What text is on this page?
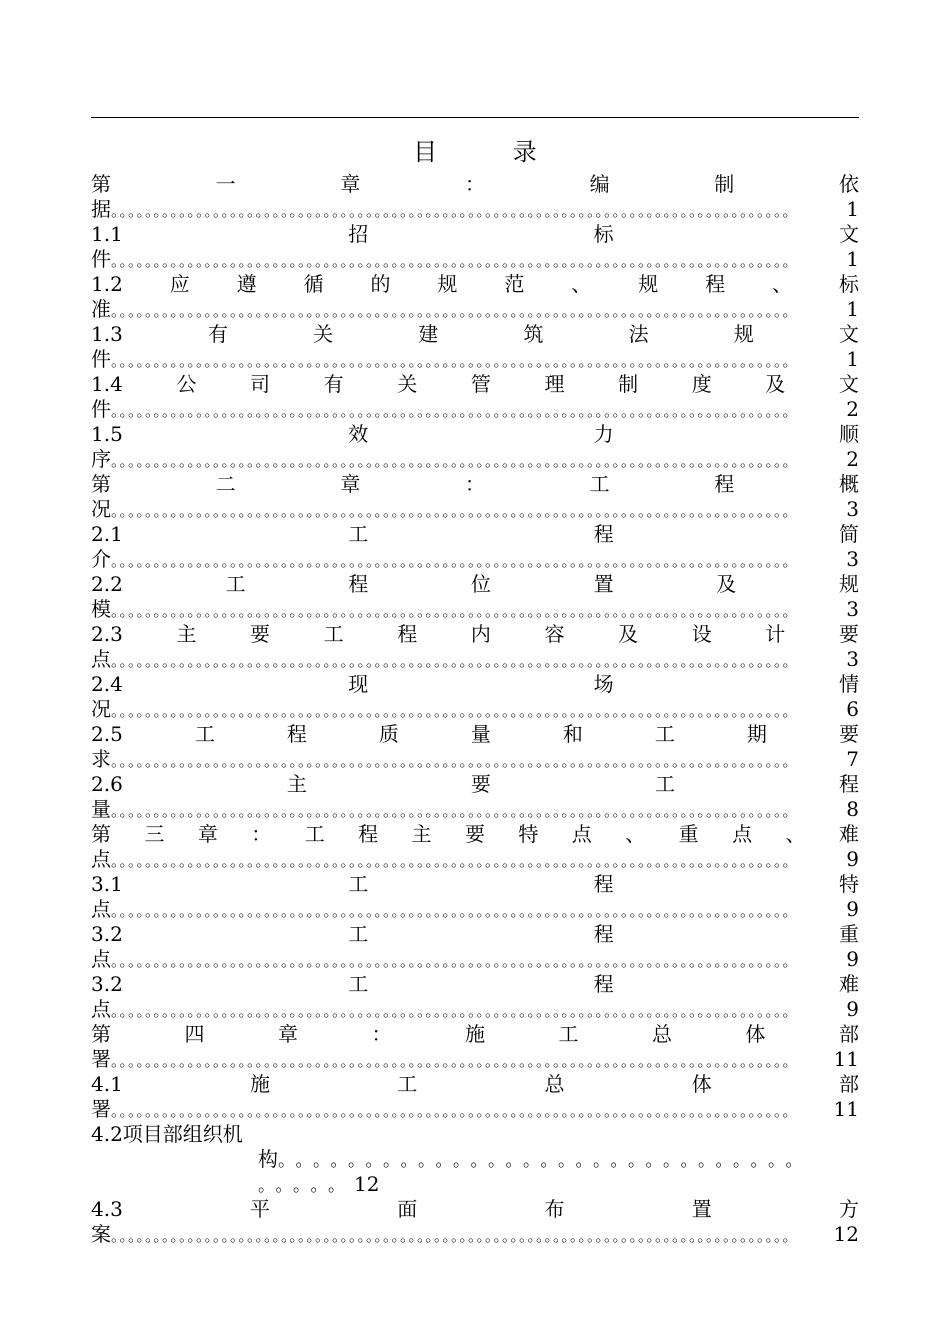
目 录
第	一	章	：	编	制	依
据 。。。。。。。。。。。。。。。。。。。。。。。。。。。。。。。。。。。。。。。。。。。。。。。。。。。。。。。。。。。。。。。。。。。。。。。。。。。。。。。。	1
1.1	招	标	文
件 。。。。。。。。。。。。。。。。。。。。。。。。。。。。。。。。。。。。。。。。。。。。。。。。。。。。。。。。。。。。。。。。。。。。。。。。。。。。。。。。	1
1.2 应 遵 循 的 规 范 、 规 程 、 标
准 。。。。。。。。。。。。。。。。。。。。。。。。。。。。。。。。。。。。。。。。。。。。。。。。。。。。。。。。。。。。。。。。。。。。。。。。。。。。。。。。	1
1.3	有	关	建	筑	法	规	文
件 。。。。。。。。。。。。。。。。。。。。。。。。。。。。。。。。。。。。。。。。。。。。。。。。。。。。。。。。。。。。。。。。。。。。。。。。。。。。。。。。	1
1.4	公	司	有	关	管	理	制	度	及	文
件 。。。。。。。。。。。。。。。。。。。。。。。。。。。。。。。。。。。。。。。。。。。。。。。。。。。。。。。。。。。。。。。。。。。。。。。。。。。。。。。。	2
1.5	效	力	顺
序 。。。。。。。。。。。。。。。。。。。。。。。。。。。。。。。。。。。。。。。。。。。。。。。。。。。。。。。。。。。。。。。。。。。。。。。。。。。。。。。。	2
第	二	章	：	工	程	概
况 。。。。。。。。。。。。。。。。。。。。。。。。。。。。。。。。。。。。。。。。。。。。。。。。。。。。。。。。。。。。。。。。。。。。。。。。。。。。。。。。	3
2.1	工	程	简
介 。。。。。。。。。。。。。。。。。。。。。。。。。。。。。。。。。。。。。。。。。。。。。。。。。。。。。。。。。。。。。。。。。。。。。。。。。。。。。。。。	3
2.2	工	程	位	置	及	规
模 。。。。。。。。。。。。。。。。。。。。。。。。。。。。。。。。。。。。。。。。。。。。。。。。。。。。。。。。。。。。。。。。。。。。。。。。。。。。。。。。	3
2.3	主	要	工	程	内	容	及	设	计	要
点 。。。。。。。。。。。。。。。。。。。。。。。。。。。。。。。。。。。。。。。。。。。。。。。。。。。。。。。。。。。。。。。。。。。。。。。。。。。。。。。。	3
2.4	现	场	情
况 。。。。。。。。。。。。。。。。。。。。。。。。。。。。。。。。。。。。。。。。。。。。。。。。。。。。。。。。。。。。。。。。。。。。。。。。。。。。。。。。	6
2.5	工	程	质	量	和	工	期	要
求 。。。。。。。。。。。。。。。。。。。。。。。。。。。。。。。。。。。。。。。。。。。。。。。。。。。。。。。。。。。。。。。。。。。。。。。。。。。。。。。。	7
2.6	主	要	工	程
量 。。。。。。。。。。。。。。。。。。。。。。。。。。。。。。。。。。。。。。。。。。。。。。。。。。。。。。。。。。。。。。。。。。。。。。。。。。。。。。。。	8
第 三 章 ： 工 程 主 要 特 点 、 重 点 、 难
点 。。。。。。。。。。。。。。。。。。。。。。。。。。。。。。。。。。。。。。。。。。。。。。。。。。。。。。。。。。。。。。。。。。。。。。。。。。。。。。。。	9
3.1	工	程	特
点 。。。。。。。。。。。。。。。。。。。。。。。。。。。。。。。。。。。。。。。。。。。。。。。。。。。。。。。。。。。。。。。。。。。。。。。。。。。。。。。。	9
3.2	工	程	重
点 。。。。。。。。。。。。。。。。。。。。。。。。。。。。。。。。。。。。。。。。。。。。。。。。。。。。。。。。。。。。。。。。。。。。。。。。。。。。。。。。	9
3.2	工	程	难
点 。。。。。。。。。。。。。。。。。。。。。。。。。。。。。。。。。。。。。。。。。。。。。。。。。。。。。。。。。。。。。。。。。。。。。。。。。。。。。。。。	9
第	四	章	：	施	工	总	体	部
署 。。。。。。。。。。。。。。。。。。。。。。。。。。。。。。。。。。。。。。。。。。。。。。。。。。。。。。。。。。。。。。。。。。。。。。。。。。。。。。。。	11
4.1	施	工	总	体	部
署 。。。。。。。。。。。。。。。。。。。。。。。。。。。。。。。。。。。。。。。。。。。。。。。。。。。。。。。。。。。。。。。。。。。。。。。。。。。。。。。。	11
4.2项目部组织机
构。。。。。。。。。。。。。。。。。。。。。。。。。。。。。。
。。。。。12
4.3	平	面	布	置	方
案 。。。。。。。。。。。。。。。。。。。。。。。。。。。。。。。。。。。。。。。。。。。。。。。。。。。。。。。。。。。。。。。。。。。。。。。。。。。。。。。。	12
